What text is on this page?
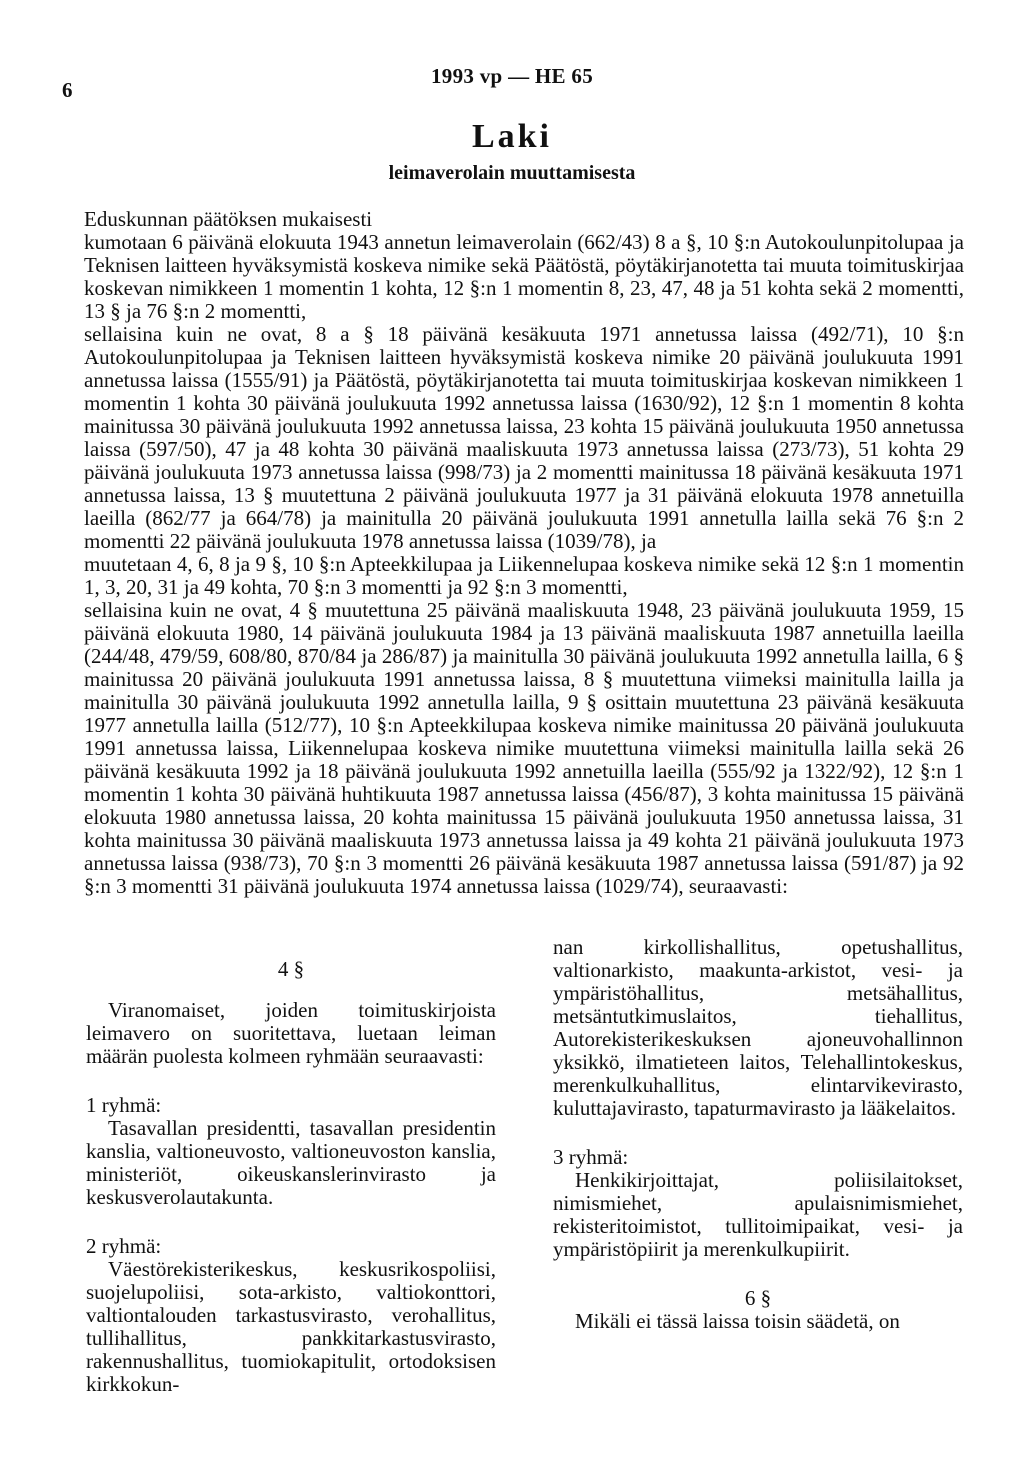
6
1993 vp — HE 65
Laki
leimaverolain muuttamisesta

Eduskunnan päätöksen mukaisesti

kumotaan 6 päivänä elokuuta 1943 annetun leimaverolain (662/43) 8 a §, 10 §:n Autokoulunpitolupaa ja Teknisen laitteen hyväksymistä koskeva nimike sekä Päätöstä, pöytäkirjanotetta tai muuta toimituskirjaa koskevan nimikkeen 1 momentin 1 kohta, 12 §:n 1 momentin 8, 23, 47, 48 ja 51 kohta sekä 2 momentti, 13 § ja 76 §:n 2 momentti,

sellaisina kuin ne ovat, 8 a § 18 päivänä kesäkuuta 1971 annetussa laissa (492/71), 10 §:n Autokoulunpitolupaa ja Teknisen laitteen hyväksymistä koskeva nimike 20 päivänä joulukuuta 1991 annetussa laissa (1555/91) ja Päätöstä, pöytäkirjanotetta tai muuta toimituskirjaa koskevan nimikkeen 1 momentin 1 kohta 30 päivänä joulukuuta 1992 annetussa laissa (1630/92), 12 §:n 1 momentin 8 kohta mainitussa 30 päivänä joulukuuta 1992 annetussa laissa, 23 kohta 15 päivänä joulukuuta 1950 annetussa laissa (597/50), 47 ja 48 kohta 30 päivänä maaliskuuta 1973 annetussa laissa (273/73), 51 kohta 29 päivänä joulukuuta 1973 annetussa laissa (998/73) ja 2 momentti mainitussa 18 päivänä kesäkuuta 1971 annetussa laissa, 13 § muutettuna 2 päivänä joulukuuta 1977 ja 31 päivänä elokuuta 1978 annetuilla laeilla (862/77 ja 664/78) ja mainitulla 20 päivänä joulukuuta 1991 annetulla lailla sekä 76 §:n 2 momentti 22 päivänä joulukuuta 1978 annetussa laissa (1039/78), ja

muutetaan 4, 6, 8 ja 9 §, 10 §:n Apteekkilupaa ja Liikennelupaa koskeva nimike sekä 12 §:n 1 momentin 1, 3, 20, 31 ja 49 kohta, 70 §:n 3 momentti ja 92 §:n 3 momentti,

sellaisina kuin ne ovat, 4 § muutettuna 25 päivänä maaliskuuta 1948, 23 päivänä joulukuuta 1959, 15 päivänä elokuuta 1980, 14 päivänä joulukuuta 1984 ja 13 päivänä maaliskuuta 1987 annetuilla laeilla (244/48, 479/59, 608/80, 870/84 ja 286/87) ja mainitulla 30 päivänä joulukuuta 1992 annetulla lailla, 6 § mainitussa 20 päivänä joulukuuta 1991 annetussa laissa, 8 § muutettuna viimeksi mainitulla lailla ja mainitulla 30 päivänä joulukuuta 1992 annetulla lailla, 9 § osittain muutettuna 23 päivänä kesäkuuta 1977 annetulla lailla (512/77), 10 §:n Apteekkilupaa koskeva nimike mainitussa 20 päivänä joulukuuta 1991 annetussa laissa, Liikennelupaa koskeva nimike muutettuna viimeksi mainitulla lailla sekä 26 päivänä kesäkuuta 1992 ja 18 päivänä joulukuuta 1992 annetuilla laeilla (555/92 ja 1322/92), 12 §:n 1 momentin 1 kohta 30 päivänä huhtikuuta 1987 annetussa laissa (456/87), 3 kohta mainitussa 15 päivänä elokuuta 1980 annetussa laissa, 20 kohta mainitussa 15 päivänä joulukuuta 1950 annetussa laissa, 31 kohta mainitussa 30 päivänä maaliskuuta 1973 annetussa laissa ja 49 kohta 21 päivänä joulukuuta 1973 annetussa laissa (938/73), 70 §:n 3 momentti 26 päivänä kesäkuuta 1987 annetussa laissa (591/87) ja 92 §:n 3 momentti 31 päivänä joulukuuta 1974 annetussa laissa (1029/74), seuraavasti:

4 §

Viranomaiset, joiden toimituskirjoista leimavero on suoritettava, luetaan leiman määrän puolesta kolmeen ryhmään seuraavasti:

1 ryhmä:

Tasavallan presidentti, tasavallan presidentin kanslia, valtioneuvosto, valtioneuvoston kanslia, ministeriöt, oikeuskanslerinvirasto ja keskusverolautakunta.

2 ryhmä:

Väestörekisterikeskus, keskusrikospoliisi, suojelupoliisi, sota-arkisto, valtiokonttori, valtiontalouden tarkastusvirasto, verohallitus, tullihallitus, pankkitarkastusvirasto, rakennushallitus, tuomiokapitulit, ortodoksisen kirkkokun-

nan kirkollishallitus, opetushallitus, valtionarkisto, maakunta-arkistot, vesi- ja ympäristöhallitus, metsähallitus, metsäntutkimuslaitos, tiehallitus, Autorekisterikeskuksen ajoneuvohallinnon yksikkö, ilmatieteen laitos, Telehallintokeskus, merenkulkuhallitus, elintarvikevirasto, kuluttajavirasto, tapaturmavirasto ja lääkelaitos.

3 ryhmä:

Henkikirjoittajat, poliisilaitokset, nimismiehet, apulaisnimismiehet, rekisteritoimistot, tullitoimipaikat, vesi- ja ympäristöpiirit ja merenkulkupiirit.

6 §

Mikäli ei tässä laissa toisin säädetä, on
